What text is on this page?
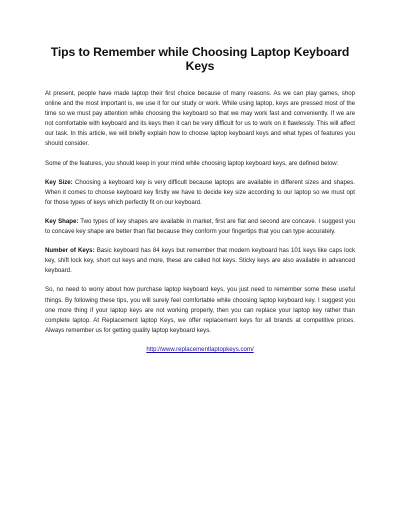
Tips to Remember while Choosing Laptop Keyboard Keys

At present, people have made laptop their first choice because of many reasons. As we can play games, shop online and the most important is, we use it for our study or work. While using laptop, keys are pressed most of the time so we must pay attention while choosing the keyboard so that we may work fast and conveniently. If we are not comfortable with keyboard and its keys then it can be very difficult for us to work on it flawlessly. This will affect our task. In this article, we will briefly explain how to choose laptop keyboard keys and what types of features you should consider.

Some of the features, you should keep in your mind while choosing laptop keyboard keys, are defined below:

Key Size: Choosing a keyboard key is very difficult because laptops are available in different sizes and shapes. When it comes to choose keyboard key firstly we have to decide key size according to our laptop so we must opt for those types of keys which perfectly fit on our keyboard.

Key Shape: Two types of key shapes are available in market, first are flat and second are concave. I suggest you to concave key shape are better than flat because they conform your fingertips that you can type accurately.

Number of Keys: Basic keyboard has 84 keys but remember that modern keyboard has 101 keys like caps lock key, shift lock key, short cut keys and more, these are called hot keys. Sticky keys are also available in advanced keyboard.

So, no need to worry about how purchase laptop keyboard keys, you just need to remember some these useful things. By following these tips, you will surely feel comfortable while choosing laptop keyboard key. I suggest you one more thing if your laptop keys are not working properly, then you can replace your laptop key rather than complete laptop. At Replacement laptop Keys, we offer replacement keys for all brands at competitive prices. Always remember us for getting quality laptop keyboard keys.

http://www.replacementlaptopkeys.com/
